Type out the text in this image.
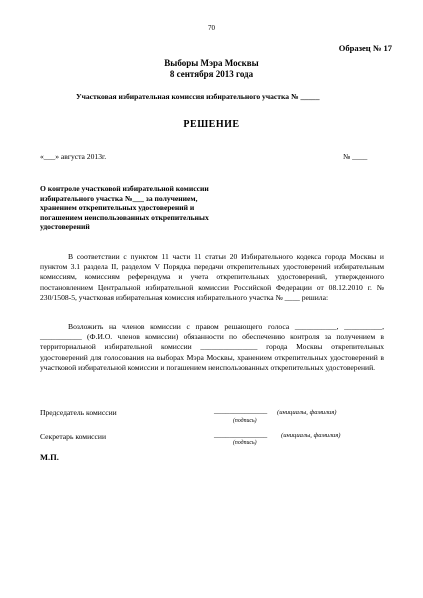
70
Образец № 17
Выборы Мэра Москвы
8 сентября 2013 года
Участковая избирательная комиссия избирательного участка № _____
РЕШЕНИЕ
«___» августа 2013г.	№ ____
О контроле участковой избирательной комиссии избирательного участка №___ за получением, хранением открепительных удостоверений и погашением неиспользованных открепительных удостоверений
В соответствии с пунктом 11 части 11 статьи 20 Избирательного кодекса города Москвы и пунктом 3.1 раздела II, разделом V Порядка передачи открепительных удостоверений избирательным комиссиям, комиссиям референдума и учета открепительных удостоверений, утвержденного постановлением Центральной избирательной комиссии Российской Федерации от 08.12.2010 г. № 230/1508-5, участковая избирательная комиссия избирательного участка № ____ решила:
Возложить на членов комиссии с правом решающего голоса ___________, __________, ___________ (Ф.И.О. членов комиссии) обязанности по обеспечению контроля за получением в территориальной избирательной комиссии _______________ города Москвы открепительных удостоверений для голосования на выборах Мэра Москвы, хранением открепительных удостоверений в участковой избирательной комиссии и погашением неиспользованных открепительных удостоверений.
Председатель комиссии	______________ (инициалы, фамилия)
(подпись)
Секретарь комиссии	______________ (инициалы, фамилия)
(подпись)
М.П.
